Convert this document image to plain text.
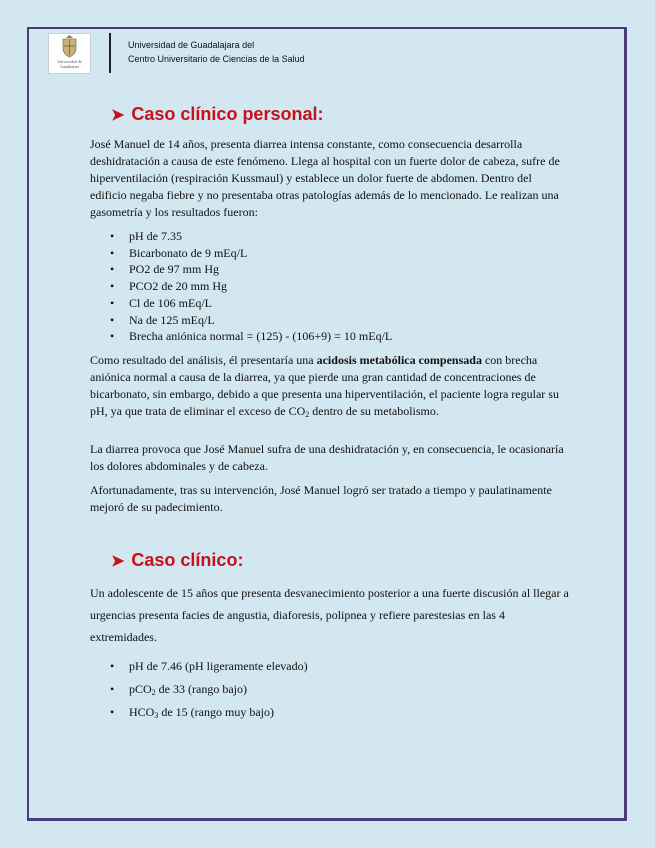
Universidad de
Guadalajara
Universidad de Guadalajara del
Centro Universitario de Ciencias de la Salud
➤ Caso clínico personal:

José Manuel de 14 años, presenta diarrea intensa constante, como consecuencia desarrolla deshidratación a causa de este fenómeno. Llega al hospital con un fuerte dolor de cabeza, sufre de hiperventilación (respiración Kussmaul) y establece un dolor fuerte de abdomen. Dentro del edificio negaba fiebre y no presentaba otras patologías además de lo mencionado. Le realizan una gasometría y los resultados fueron:

• pH de 7.35
• Bicarbonato de 9 mEq/L
• PO2 de 97 mm Hg
• PCO2 de 20 mm Hg
• Cl de 106 mEq/L
• Na de 125 mEq/L
• Brecha aniónica normal = (125) - (106+9) = 10 mEq/L

Como resultado del análisis, él presentaría una acidosis metabólica compensada con brecha aniónica normal a causa de la diarrea, ya que pierde una gran cantidad de concentraciones de bicarbonato, sin embargo, debido a que presenta una hiperventilación, el paciente logra regular su pH, ya que trata de eliminar el exceso de $CO_2$ dentro de su metabolismo.

La diarrea provoca que José Manuel sufra de una deshidratación y, en consecuencia, le ocasionaría los dolores abdominales y de cabeza.

Afortunadamente, tras su intervención, José Manuel logró ser tratado a tiempo y paulatinamente mejoró de su padecimiento.

➤ Caso clínico:

Un adolescente de 15 años que presenta desvanecimiento posterior a una fuerte discusión al llegar a urgencias presenta facies de angustia, diaforesis, polipnea y refiere parestesias en las 4 extremidades.

• pH de 7.46 (pH ligeramente elevado)
• pCO$_2$ de 33 (rango bajo)
• $HCO_3$ de 15 (rango muy bajo)
